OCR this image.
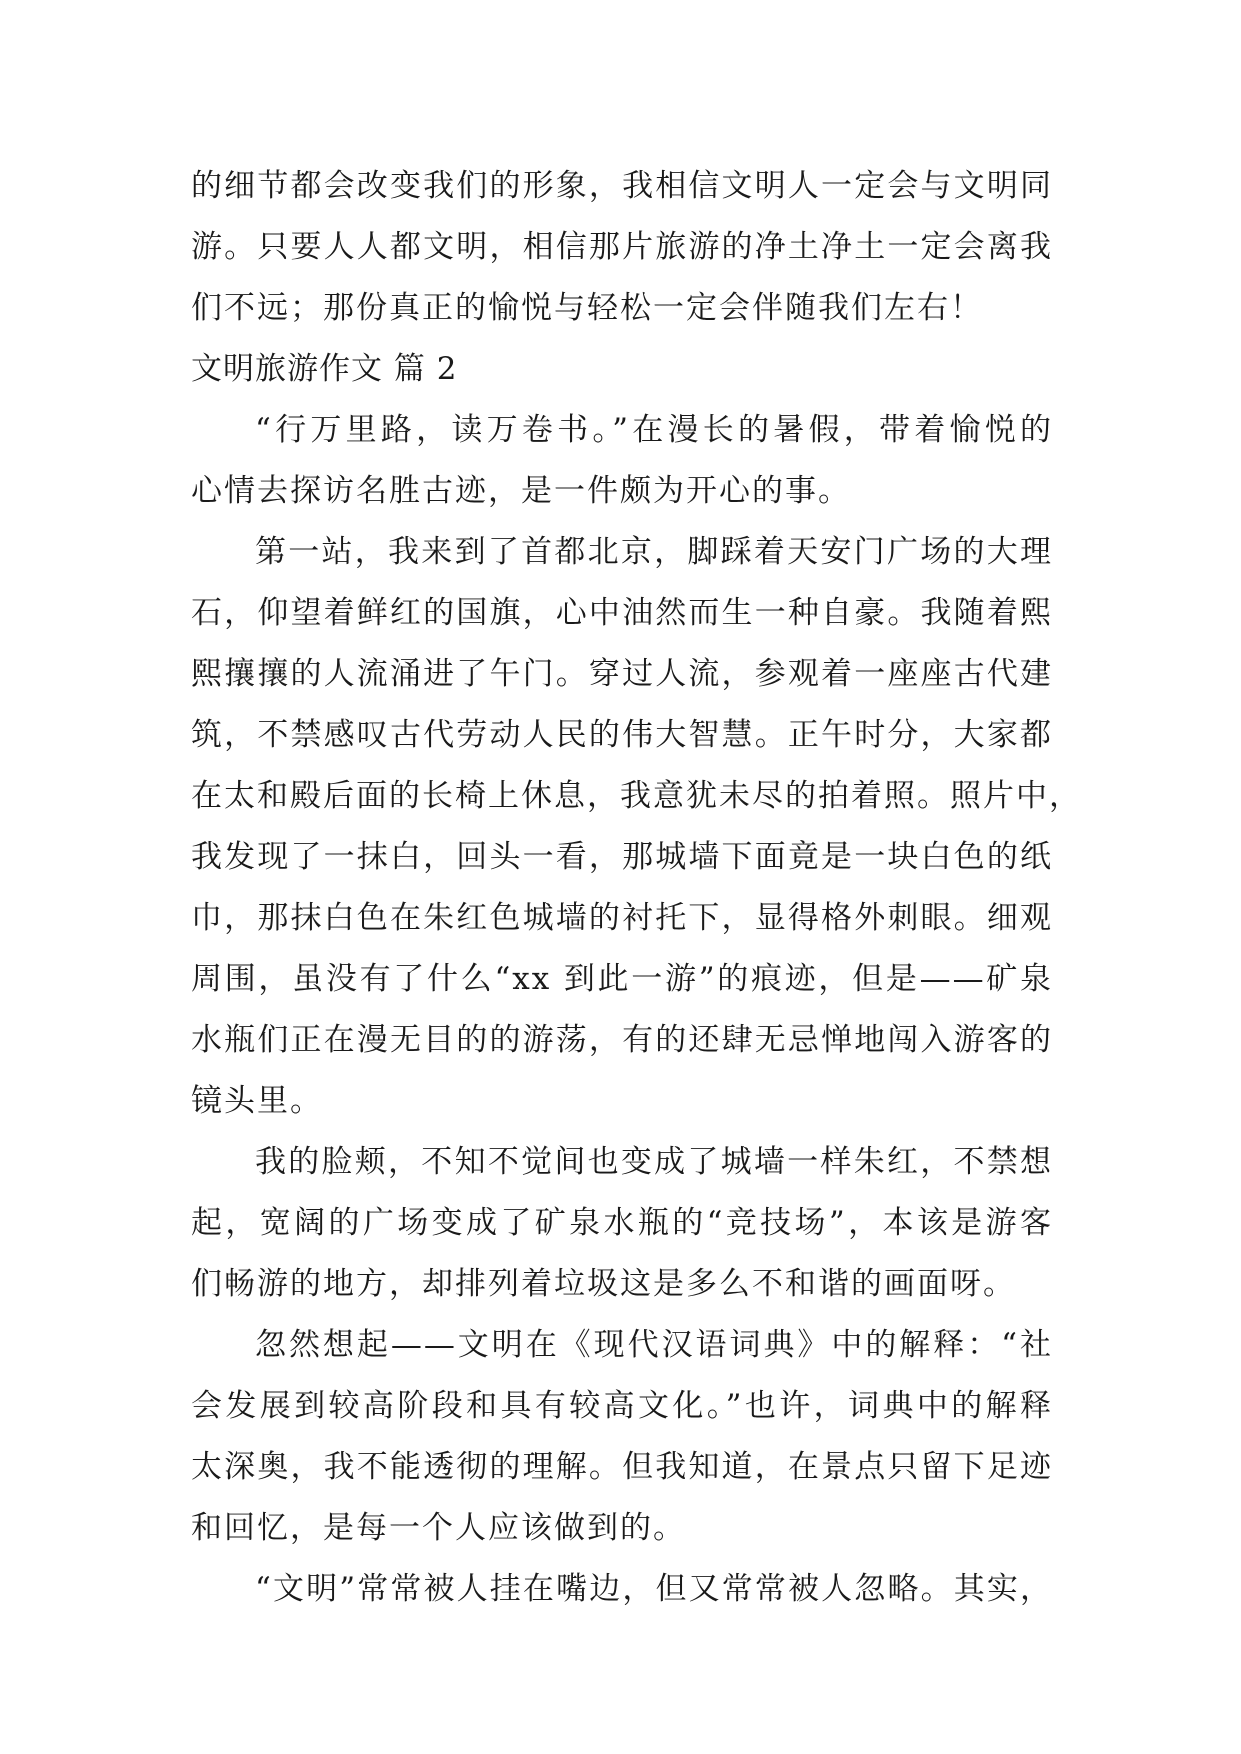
的细节都会改变我们的形象，我相信文明人一定会与文明同
游。只要人人都文明，相信那片旅游的净土净土一定会离我
们不远；那份真正的愉悦与轻松一定会伴随我们左右！
文明旅游作文 篇 2
“行万里路，读万卷书。”在漫长的暑假，带着愉悦的
心情去探访名胜古迹，是一件颇为开心的事。
第一站，我来到了首都北京，脚踩着天安门广场的大理
石，仰望着鲜红的国旗，心中油然而生一种自豪。我随着熙
熙攘攘的人流涌进了午门。穿过人流，参观着一座座古代建
筑，不禁感叹古代劳动人民的伟大智慧。正午时分，大家都
在太和殿后面的长椅上休息，我意犹未尽的拍着照。照片中，
我发现了一抹白，回头一看，那城墙下面竟是一块白色的纸
巾，那抹白色在朱红色城墙的衬托下，显得格外刺眼。细观
周围，虽没有了什么“xx 到此一游”的痕迹，但是——矿泉
水瓶们正在漫无目的的游荡，有的还肆无忌惮地闯入游客的
镜头里。
我的脸颊，不知不觉间也变成了城墙一样朱红，不禁想
起，宽阔的广场变成了矿泉水瓶的“竞技场”，本该是游客
们畅游的地方，却排列着垃圾这是多么不和谐的画面呀。
忽然想起——文明在《现代汉语词典》中的解释：“社
会发展到较高阶段和具有较高文化。”也许，词典中的解释
太深奥，我不能透彻的理解。但我知道，在景点只留下足迹
和回忆，是每一个人应该做到的。
“文明”常常被人挂在嘴边，但又常常被人忽略。其实，
